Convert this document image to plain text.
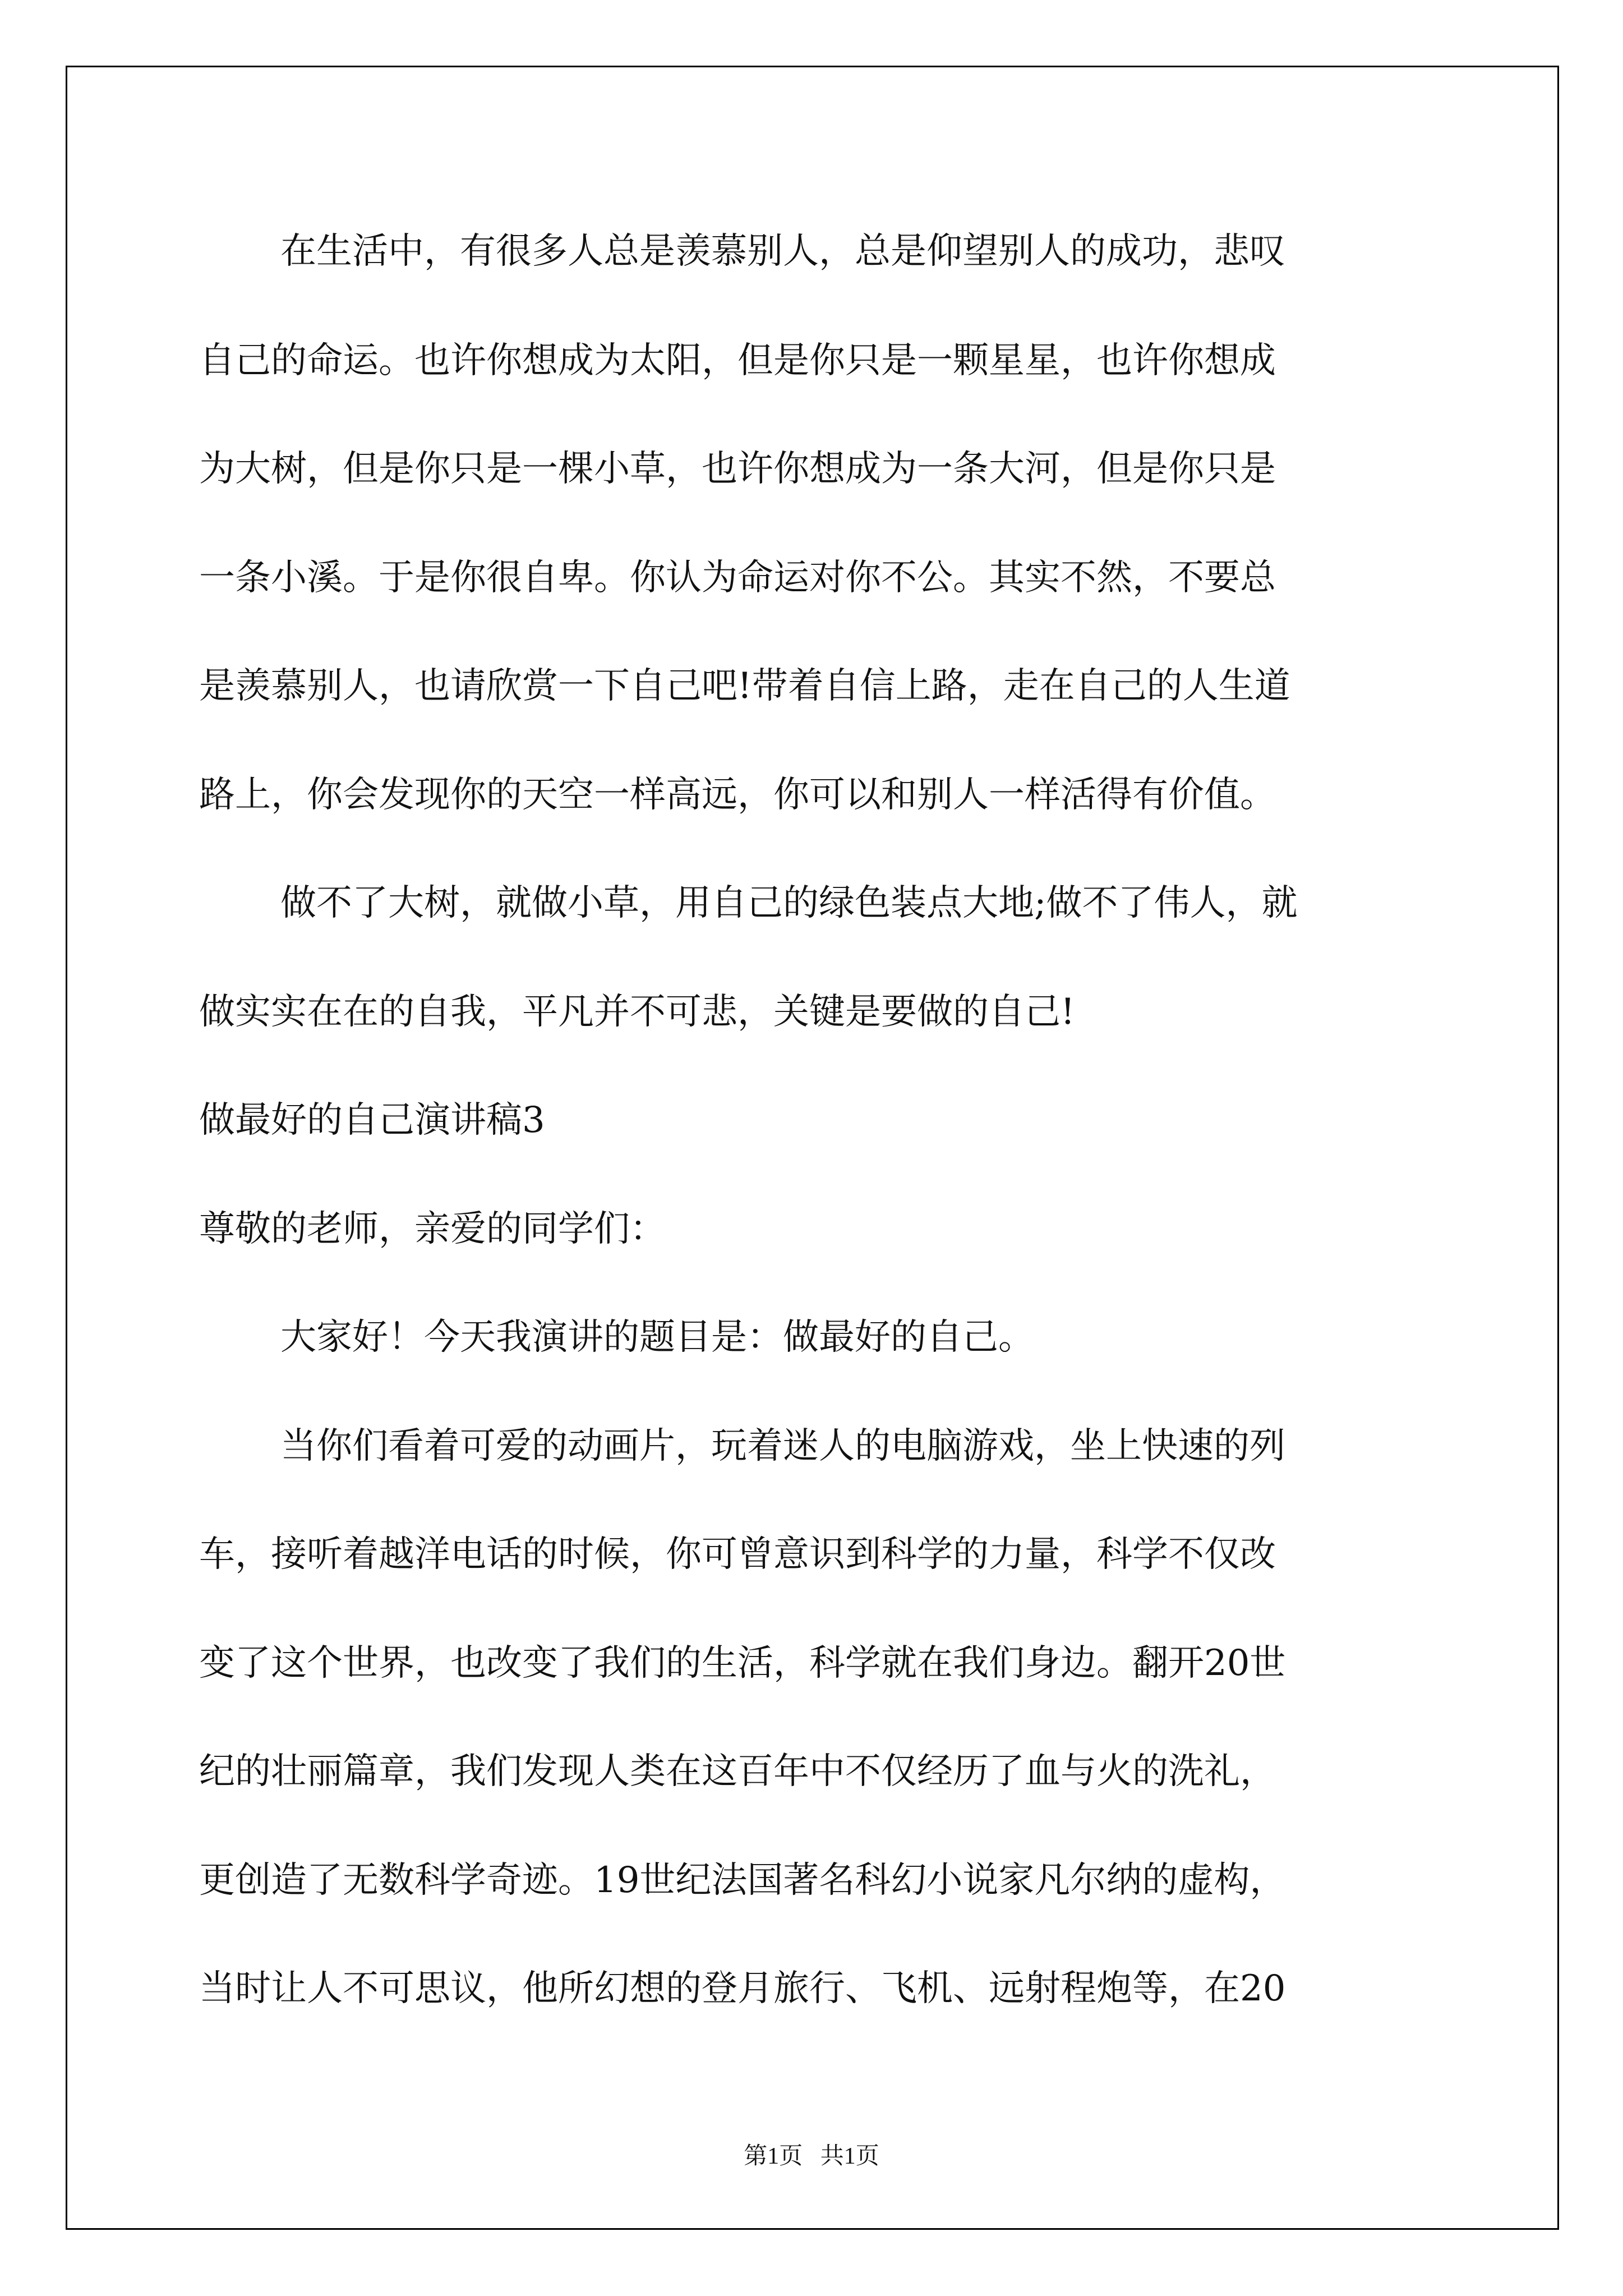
在生活中，有很多人总是羡慕别人，总是仰望别人的成功，悲叹
自己的命运。也许你想成为太阳，但是你只是一颗星星，也许你想成
为大树，但是你只是一棵小草，也许你想成为一条大河，但是你只是
一条小溪。于是你很自卑。你认为命运对你不公。其实不然，不要总
是羡慕别人，也请欣赏一下自己吧!带着自信上路，走在自己的人生道
路上，你会发现你的天空一样高远，你可以和别人一样活得有价值。
做不了大树，就做小草，用自己的绿色装点大地;做不了伟人，就
做实实在在的自我，平凡并不可悲，关键是要做的自己!
做最好的自己演讲稿3
尊敬的老师，亲爱的同学们：
大家好！今天我演讲的题目是：做最好的自己。
当你们看着可爱的动画片，玩着迷人的电脑游戏，坐上快速的列
车，接听着越洋电话的时候，你可曾意识到科学的力量，科学不仅改
变了这个世界，也改变了我们的生活，科学就在我们身边。翻开20世
纪的壮丽篇章，我们发现人类在这百年中不仅经历了血与火的洗礼，
更创造了无数科学奇迹。19世纪法国著名科幻小说家凡尔纳的虚构，
当时让人不可思议，他所幻想的登月旅行、飞机、远射程炮等，在20
第1页   共1页
